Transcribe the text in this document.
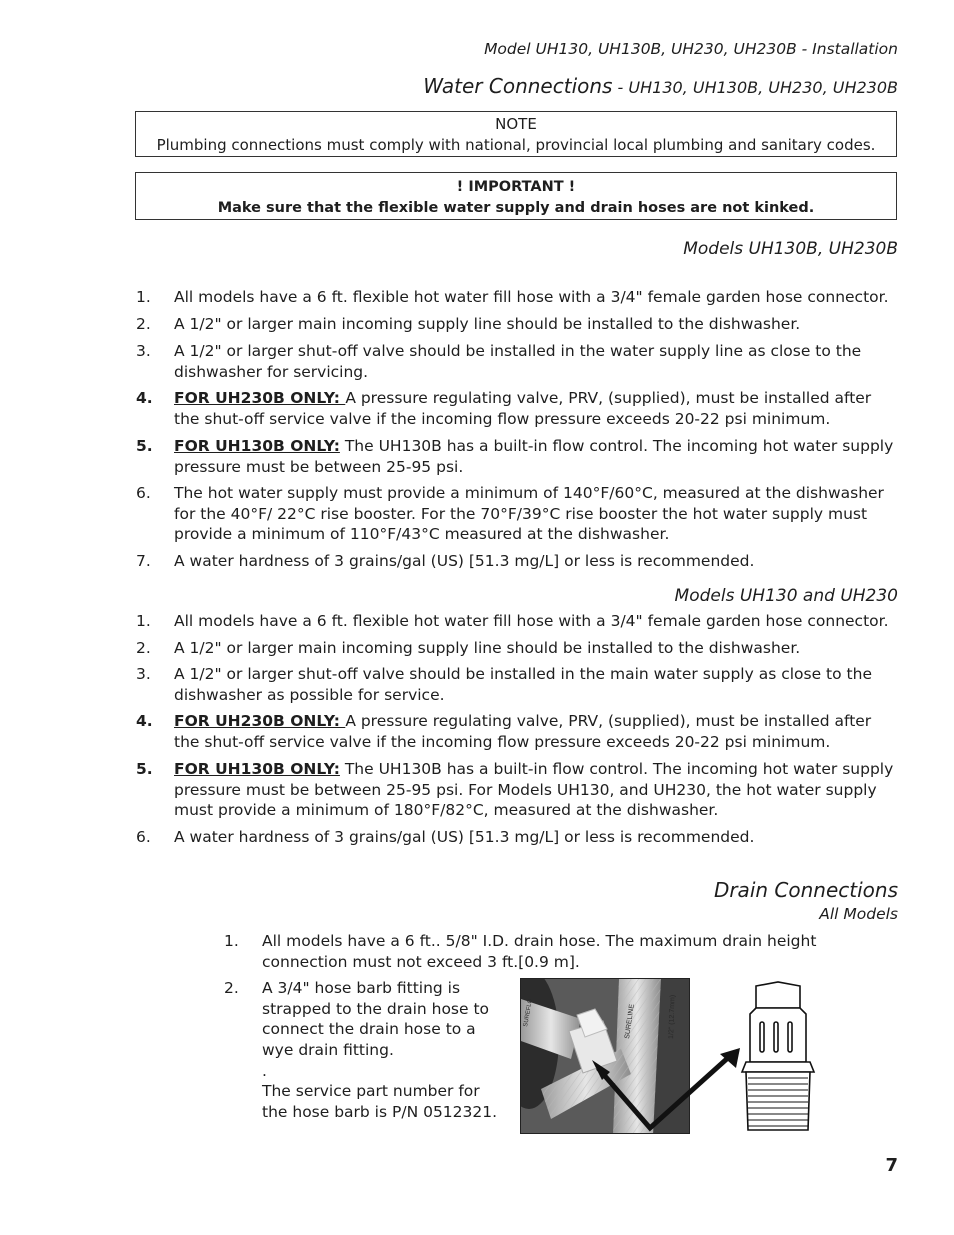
Model UH130, UH130B, UH230, UH230B - Installation
Water Connections - UH130, UH130B, UH230, UH230B
NOTE
Plumbing connections must comply with national, provincial local plumbing and sanitary codes.
! IMPORTANT !
Make sure that the flexible water supply and drain hoses are not kinked.
Models UH130B, UH230B
1. All models have a 6 ft. flexible hot water fill hose with a 3/4" female garden hose connector.
2. A 1/2" or larger main incoming supply line should be installed to the dishwasher.
3. A 1/2" or larger shut-off valve should be installed in the water supply line as close to the dishwasher for servicing.
4. FOR UH230B ONLY: A pressure regulating valve, PRV, (supplied), must be installed after the shut-off service valve if the incoming flow pressure exceeds 20-22 psi minimum.
5. FOR UH130B ONLY: The UH130B has a built-in flow control. The incoming hot water supply pressure must be between 25-95 psi.
6. The hot water supply must provide a minimum of 140°F/60°C, measured at the dishwasher for the 40°F/ 22°C rise booster. For the 70°F/39°C rise booster the hot water supply must provide a minimum of 110°F/43°C measured at the dishwasher.
7. A water hardness of 3 grains/gal (US) [51.3 mg/L] or less is recommended.
Models UH130 and UH230
1. All models have a 6 ft. flexible hot water fill hose with a 3/4" female garden hose connector.
2. A 1/2" or larger main incoming supply line should be installed to the dishwasher.
3. A 1/2" or larger shut-off valve should be installed in the main water supply as close to the dishwasher as possible for service.
4. FOR UH230B ONLY: A pressure regulating valve, PRV, (supplied), must be installed after the shut-off service valve if the incoming flow pressure exceeds 20-22 psi minimum.
5. FOR UH130B ONLY: The UH130B has a built-in flow control. The incoming hot water supply pressure must be between 25-95 psi. For Models UH130, and UH230, the hot water supply must provide a minimum of 180°F/82°C, measured at the dishwasher.
6. A water hardness of 3 grains/gal (US) [51.3 mg/L] or less is recommended.
Drain Connections
All Models
1. All models have a 6 ft.. 5/8" I.D. drain hose. The maximum drain height connection must not exceed 3 ft.[0.9 m].
2. A 3/4" hose barb fitting is strapped to the drain hose to connect the drain hose to a wye drain fitting.
.
The service part number for the hose barb is P/N 0512321.
SURELINE	1/2" (12.7mm)
SUREFLO
7
